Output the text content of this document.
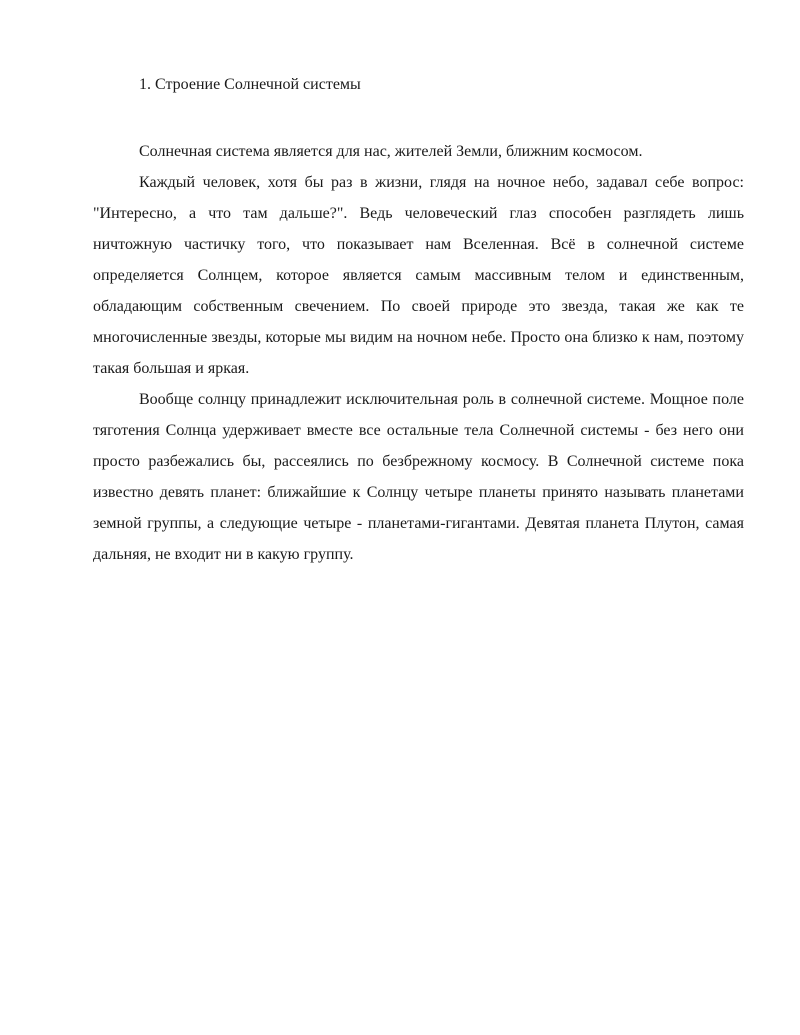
1. Строение Солнечной системы

Солнечная система является для нас, жителей Земли, ближним космосом.

Каждый человек, хотя бы раз в жизни, глядя на ночное небо, задавал себе вопрос: "Интересно, а что там дальше?". Ведь человеческий глаз способен разглядеть лишь ничтожную частичку того, что показывает нам Вселенная. Всё в солнечной системе определяется Солнцем, которое является самым массивным телом и единственным, обладающим собственным свечением. По своей природе это звезда, такая же как те многочисленные звезды, которые мы видим на ночном небе. Просто она близко к нам, поэтому такая большая и яркая.

Вообще солнцу принадлежит исключительная роль в солнечной системе. Мощное поле тяготения Солнца удерживает вместе все остальные тела Солнечной системы - без него они просто разбежались бы, рассеялись по безбрежному космосу. В Солнечной системе пока известно девять планет: ближайшие к Солнцу четыре планеты принято называть планетами земной группы, а следующие четыре - планетами-гигантами. Девятая планета Плутон, самая дальняя, не входит ни в какую группу.
